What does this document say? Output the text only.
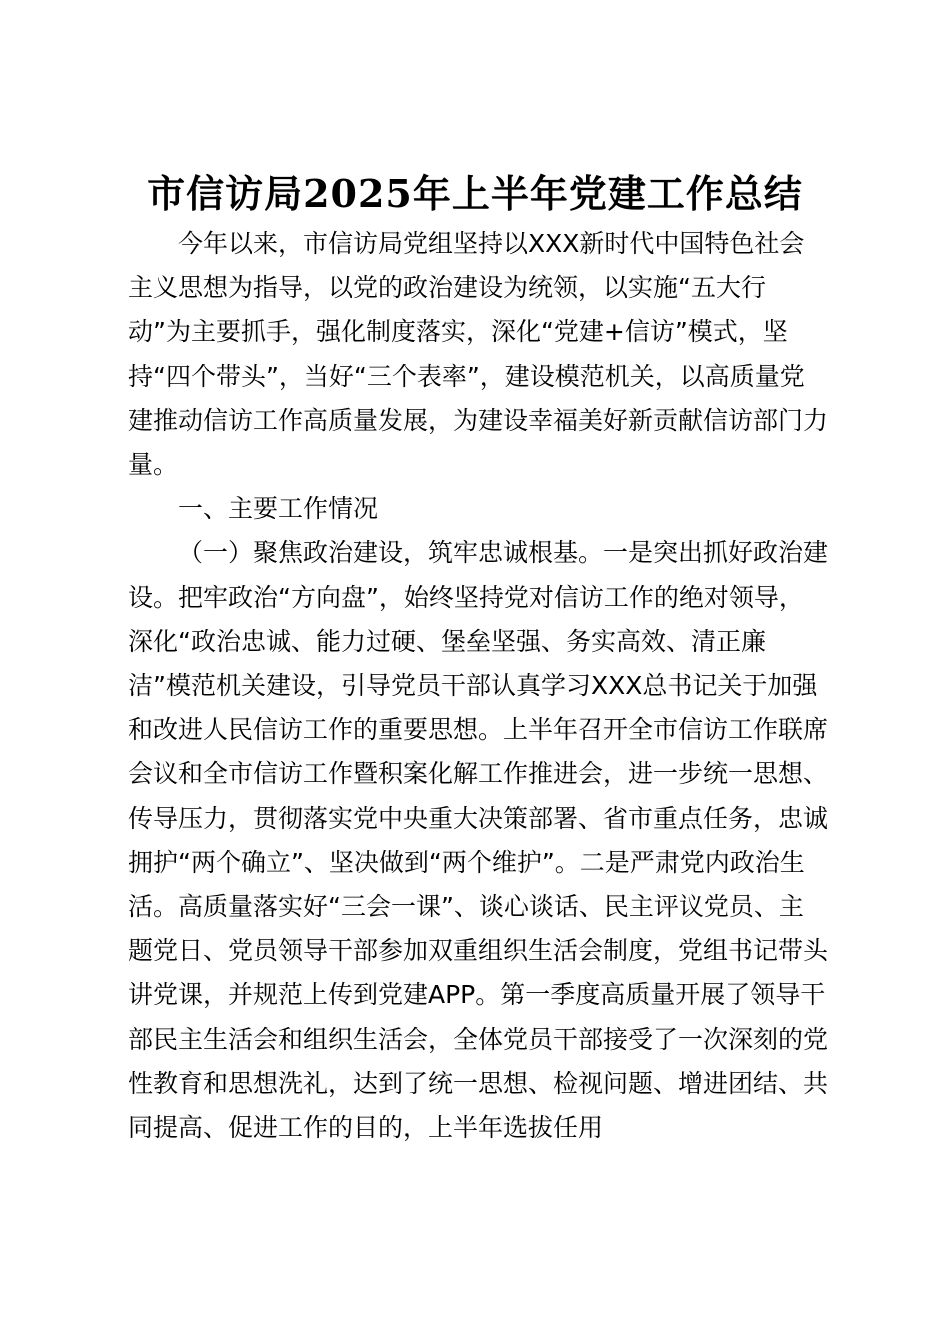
市信访局2025年上半年党建工作总结

今年以来，市信访局党组坚持以XXX新时代中国特色社会主义思想为指导，以党的政治建设为统领，以实施“五大行动”为主要抓手，强化制度落实，深化“党建+信访”模式，坚持“四个带头”，当好“三个表率”，建设模范机关，以高质量党建推动信访工作高质量发展，为建设幸福美好新贡献信访部门力量。

一、主要工作情况

（一）聚焦政治建设，筑牢忠诚根基。一是突出抓好政治建设。把牢政治“方向盘”，始终坚持党对信访工作的绝对领导，深化“政治忠诚、能力过硬、堡垒坚强、务实高效、清正廉洁”模范机关建设，引导党员干部认真学习XXX总书记关于加强和改进人民信访工作的重要思想。上半年召开全市信访工作联席会议和全市信访工作暨积案化解工作推进会，进一步统一思想、传导压力，贯彻落实党中央重大决策部署、省市重点任务，忠诚拥护“两个确立”、坚决做到“两个维护”。二是严肃党内政治生活。高质量落实好“三会一课”、谈心谈话、民主评议党员、主题党日、党员领导干部参加双重组织生活会制度，党组书记带头讲党课，并规范上传到党建APP。第一季度高质量开展了领导干部民主生活会和组织生活会，全体党员干部接受了一次深刻的党性教育和思想洗礼，达到了统一思想、检视问题、增进团结、共同提高、促进工作的目的，上半年选拔任用
